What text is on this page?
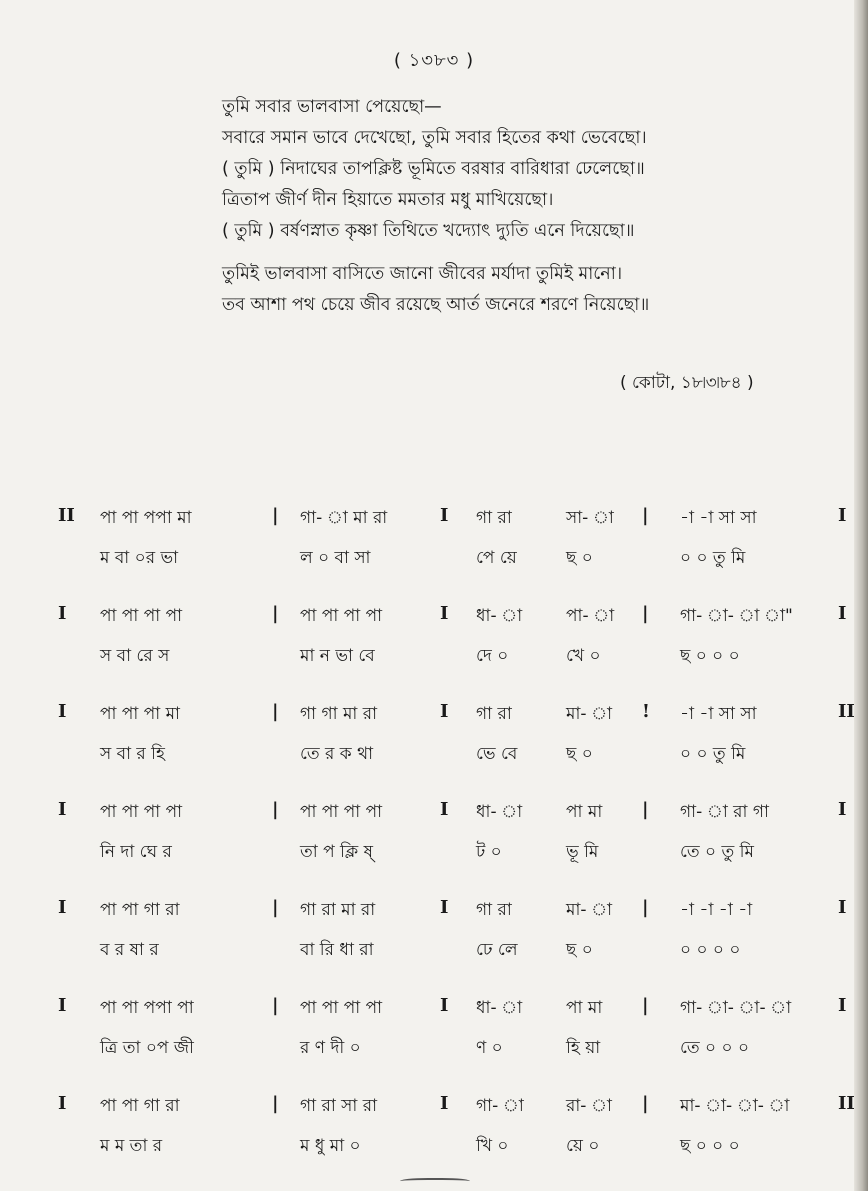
( ১৩৮৩ )
তুমি সবার ভালবাসা পেয়েছো—
সবারে সমান ভাবে দেখেছো, তুমি সবার হিতের কথা ভেবেছো।
( তুমি ) নিদাঘের তাপক্লিষ্ট ভূমিতে বরষার বারিধারা ঢেলেছো॥
ত্রিতাপ জীর্ণ দীন হিয়াতে মমতার মধু মাখিয়েছো।
( তুমি ) বর্ষণস্নাত কৃষ্ণা তিথিতে খদ্যোৎ দ্যুতি এনে দিয়েছো॥
তুমিই ভালবাসা বাসিতে জানো জীবের মর্যাদা তুমিই মানো।
তব আশা পথ চেয়ে জীব রয়েছে আর্ত জনেরে শরণে নিয়েছো॥
( কোটা, ১৮৷৩৷৮৪ )
II পা পা পপা মা	| গা- া মা রা	I গা রা	সা- া | -া -া সা সা	I
ম বা ০র ভা	ল ০ বা সা	পে য়ে	ছ ০	০ ০ তু মি
I পা পা পা পা	| পা পা পা পা	I ধা- া	পা- া | গা- া- া া"	I
স বা রে স	মা ন ভা বে	দে ০	খে ০	ছ ০ ০ ০
I পা পা পা মা	| গা গা মা রা	I গা রা	মা- া ! -া -া সা সা	II
স বা র হি	তে র ক থা	ভে বে	ছ ০	০ ০ তু মি
I পা পা পা পা	| পা পা পা পা	I ধা- া	পা মা | গা- া রা গা	I
নি দা ঘে র	তা প ক্লি ষ্	ট ০	ভূ মি	তে ০ তু মি
I পা পা গা রা	| গা রা মা রা	I গা রা	মা- া | -া -া -া -া	I
ব র ষা র	বা রি ধা রা	ঢে লে	ছ ০	০ ০ ০ ০
I পা পা পপা পা	| পা পা পা পা	I ধা- া	পা মা | গা- া- া- া	I
ত্রি তা ০প জী	র ণ দী ০	ণ ০	হি য়া	তে ০ ০ ০
I পা পা গা রা	| গা রা সা রা	I গা- া রা- া | মা- া- া- া	II
ম ম তা র	ম ধু মা ০	খি ০	য়ে ০	ছ ০ ০ ০
